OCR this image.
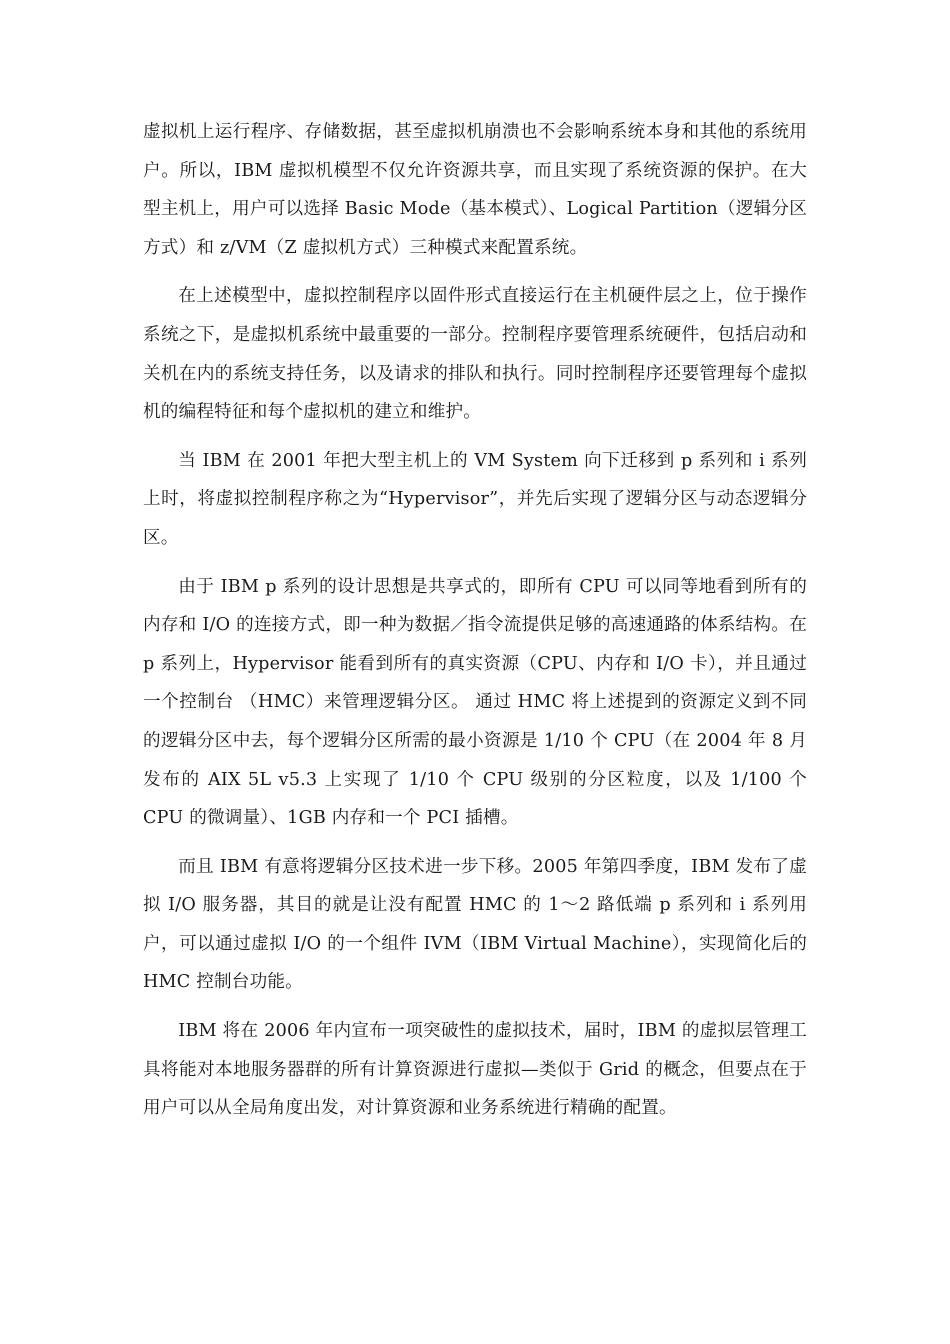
虚拟机上运行程序、存储数据，甚至虚拟机崩溃也不会影响系统本身和其他的系统用户。所以，IBM 虚拟机模型不仅允许资源共享，而且实现了系统资源的保护。在大型主机上，用户可以选择 Basic Mode（基本模式）、Logical Partition（逻辑分区方式）和 z/VM（Z 虚拟机方式）三种模式来配置系统。

在上述模型中，虚拟控制程序以固件形式直接运行在主机硬件层之上，位于操作系统之下，是虚拟机系统中最重要的一部分。控制程序要管理系统硬件，包括启动和关机在内的系统支持任务，以及请求的排队和执行。同时控制程序还要管理每个虚拟机的编程特征和每个虚拟机的建立和维护。

当 IBM 在 2001 年把大型主机上的 VM System 向下迁移到 p 系列和 i 系列上时，将虚拟控制程序称之为“Hypervisor”，并先后实现了逻辑分区与动态逻辑分区。

由于 IBM p 系列的设计思想是共享式的，即所有 CPU 可以同等地看到所有的内存和 I/O 的连接方式，即一种为数据／指令流提供足够的高速通路的体系结构。在 p 系列上，Hypervisor 能看到所有的真实资源（CPU、内存和 I/O 卡），并且通过一个控制台 （HMC）来管理逻辑分区。 通过 HMC 将上述提到的资源定义到不同的逻辑分区中去，每个逻辑分区所需的最小资源是 1/10 个 CPU（在 2004 年 8 月发布的 AIX 5L v5.3 上实现了 1/10 个 CPU 级别的分区粒度，以及 1/100 个 CPU 的微调量）、1GB 内存和一个 PCI 插槽。

而且 IBM 有意将逻辑分区技术进一步下移。2005 年第四季度，IBM 发布了虚拟 I/O 服务器，其目的就是让没有配置 HMC 的 1～2 路低端 p 系列和 i 系列用户，可以通过虚拟 I/O 的一个组件 IVM（IBM Virtual Machine），实现简化后的 HMC 控制台功能。

IBM 将在 2006 年内宣布一项突破性的虚拟技术，届时，IBM 的虚拟层管理工具将能对本地服务器群的所有计算资源进行虚拟—类似于 Grid 的概念，但要点在于用户可以从全局角度出发，对计算资源和业务系统进行精确的配置。
